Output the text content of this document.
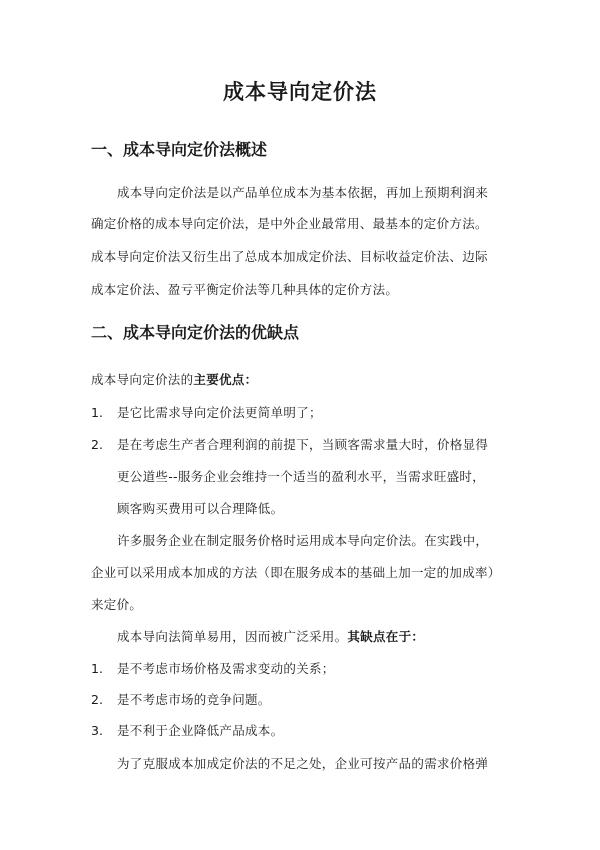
成本导向定价法
一、成本导向定价法概述
成本导向定价法是以产品单位成本为基本依据，再加上预期利润来
确定价格的成本导向定价法，是中外企业最常用、最基本的定价方法。
成本导向定价法又衍生出了总成本加成定价法、目标收益定价法、边际
成本定价法、盈亏平衡定价法等几种具体的定价方法。
二、成本导向定价法的优缺点
成本导向定价法的主要优点：
1. 是它比需求导向定价法更简单明了；
2. 是在考虑生产者合理利润的前提下，当顾客需求量大时，价格显得
更公道些--服务企业会维持一个适当的盈利水平，当需求旺盛时，
顾客购买费用可以合理降低。
许多服务企业在制定服务价格时运用成本导向定价法。在实践中，
企业可以采用成本加成的方法（即在服务成本的基础上加一定的加成率）
来定价。
成本导向法简单易用，因而被广泛采用。其缺点在于：
1. 是不考虑市场价格及需求变动的关系；
2. 是不考虑市场的竞争问题。
3. 是不利于企业降低产品成本。
为了克服成本加成定价法的不足之处，企业可按产品的需求价格弹
